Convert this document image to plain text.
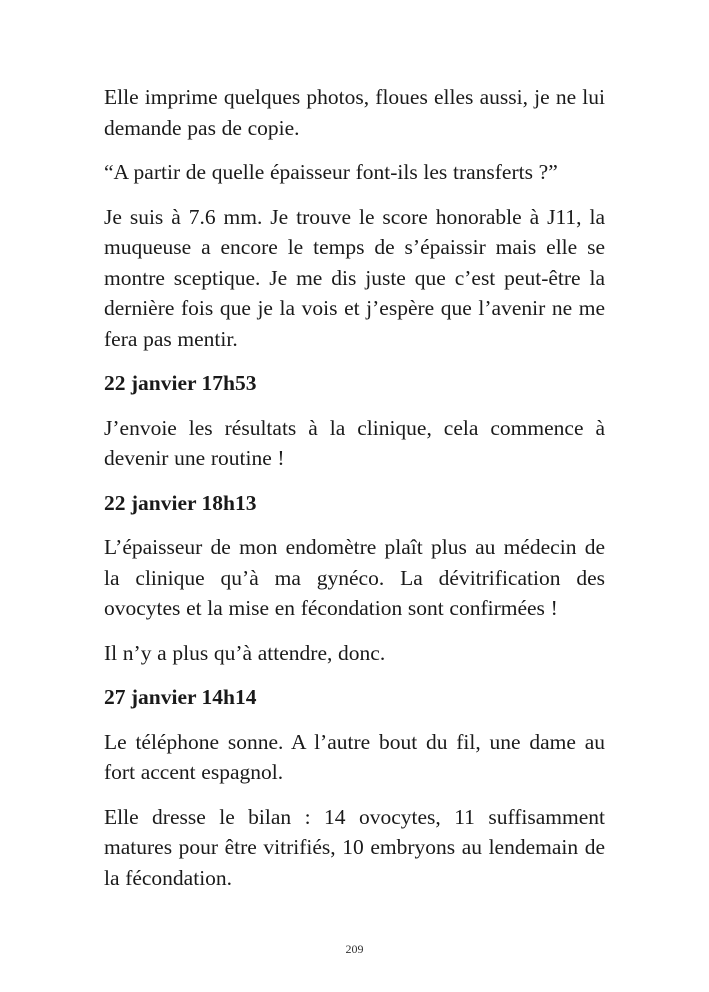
Elle imprime quelques photos, floues elles aussi, je ne lui demande pas de copie.

“A partir de quelle épaisseur font-ils les transferts ?”

Je suis à 7.6 mm. Je trouve le score honorable à J11, la muqueuse a encore le temps de s’épaissir mais elle se montre sceptique. Je me dis juste que c’est peut-être la dernière fois que je la vois et j’espère que l’avenir ne me fera pas mentir.

22 janvier 17h53

J’envoie les résultats à la clinique, cela commence à devenir une routine !

22 janvier 18h13

L’épaisseur de mon endomètre plaît plus au médecin de la clinique qu’à ma gynéco. La dévitrification des ovocytes et la mise en fécondation sont confirmées !

Il n’y a plus qu’à attendre, donc.

27 janvier 14h14

Le téléphone sonne. A l’autre bout du fil, une dame au fort accent espagnol.

Elle dresse le bilan : 14 ovocytes, 11 suffisamment matures pour être vitrifiés, 10 embryons au lendemain de la fécondation.

209
